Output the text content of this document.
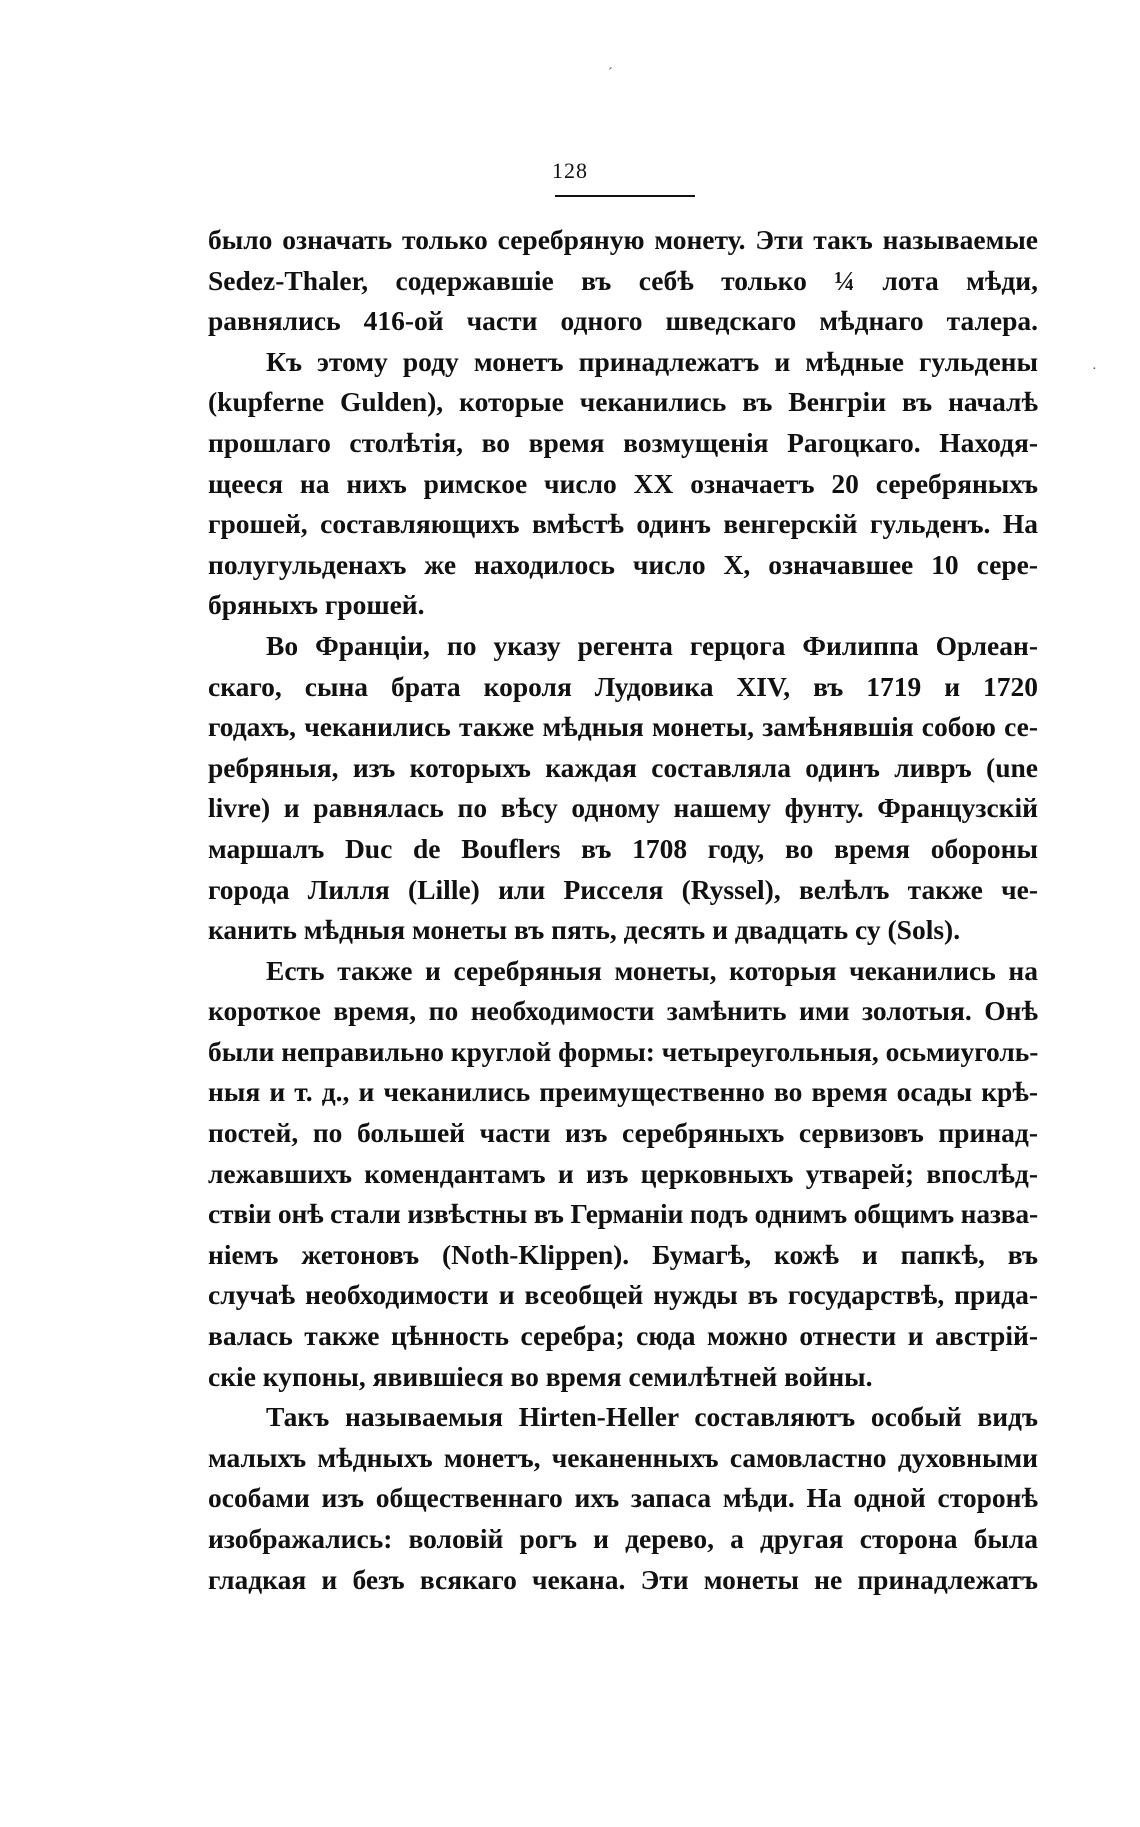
128
было означать только серебряную монету. Эти такъ называемые
Sedez-Thaler, содержавшіе въ себѣ только ¼ лота мѣди,
равнялись 416-ой части одного шведскаго мѣднаго талера.
Къ этому роду монетъ принадлежатъ и мѣдные гульдены
(kupferne Gulden), которые чеканились въ Венгріи въ началѣ
прошлаго столѣтія, во время возмущенія Рагоцкаго. Находя-
щееся на нихъ римское число XX означаетъ 20 серебряныхъ
грошей, составляющихъ вмѣстѣ одинъ венгерскій гульденъ. На
полугульденахъ же находилось число X, означавшее 10 сере-
бряныхъ грошей.
Во Франціи, по указу регента герцога Филиппа Орлеан-
скаго, сына брата короля Лудовика XIV, въ 1719 и 1720
годахъ, чеканились также мѣдныя монеты, замѣнявшія собою се-
ребряныя, изъ которыхъ каждая составляла одинъ ливръ (une
livre) и равнялась по вѣсу одному нашему фунту. Французскій
маршалъ Duc de Bouflers въ 1708 году, во время обороны
города Лилля (Lille) или Рисселя (Ryssel), велѣлъ также че-
канить мѣдныя монеты въ пять, десять и двадцать су (Sols).
Есть также и серебряныя монеты, которыя чеканились на
короткое время, по необходимости замѣнить ими золотыя. Онѣ
были неправильно круглой формы: четыреугольныя, осьмиуголь-
ныя и т. д., и чеканились преимущественно во время осады крѣ-
постей, по большей части изъ серебряныхъ сервизовъ принад-
лежавшихъ комендантамъ и изъ церковныхъ утварей; впослѣд-
ствіи онѣ стали извѣстны въ Германіи подъ однимъ общимъ назва-
ніемъ жетоновъ (Noth-Klippen). Бумагѣ, кожѣ и папкѣ, въ
случаѣ необходимости и всеобщей нужды въ государствѣ, прида-
валась также цѣнность серебра; сюда можно отнести и австрій-
скіе купоны, явившіеся во время семилѣтней войны.
Такъ называемыя Hirten-Heller составляютъ особый видъ
малыхъ мѣдныхъ монетъ, чеканенныхъ самовластно духовными
особами изъ общественнаго ихъ запаса мѣди. На одной сторонѣ
изображались: воловій рогъ и дерево, а другая сторона была
гладкая и безъ всякаго чекана. Эти монеты не принадлежатъ
ˊ
·
